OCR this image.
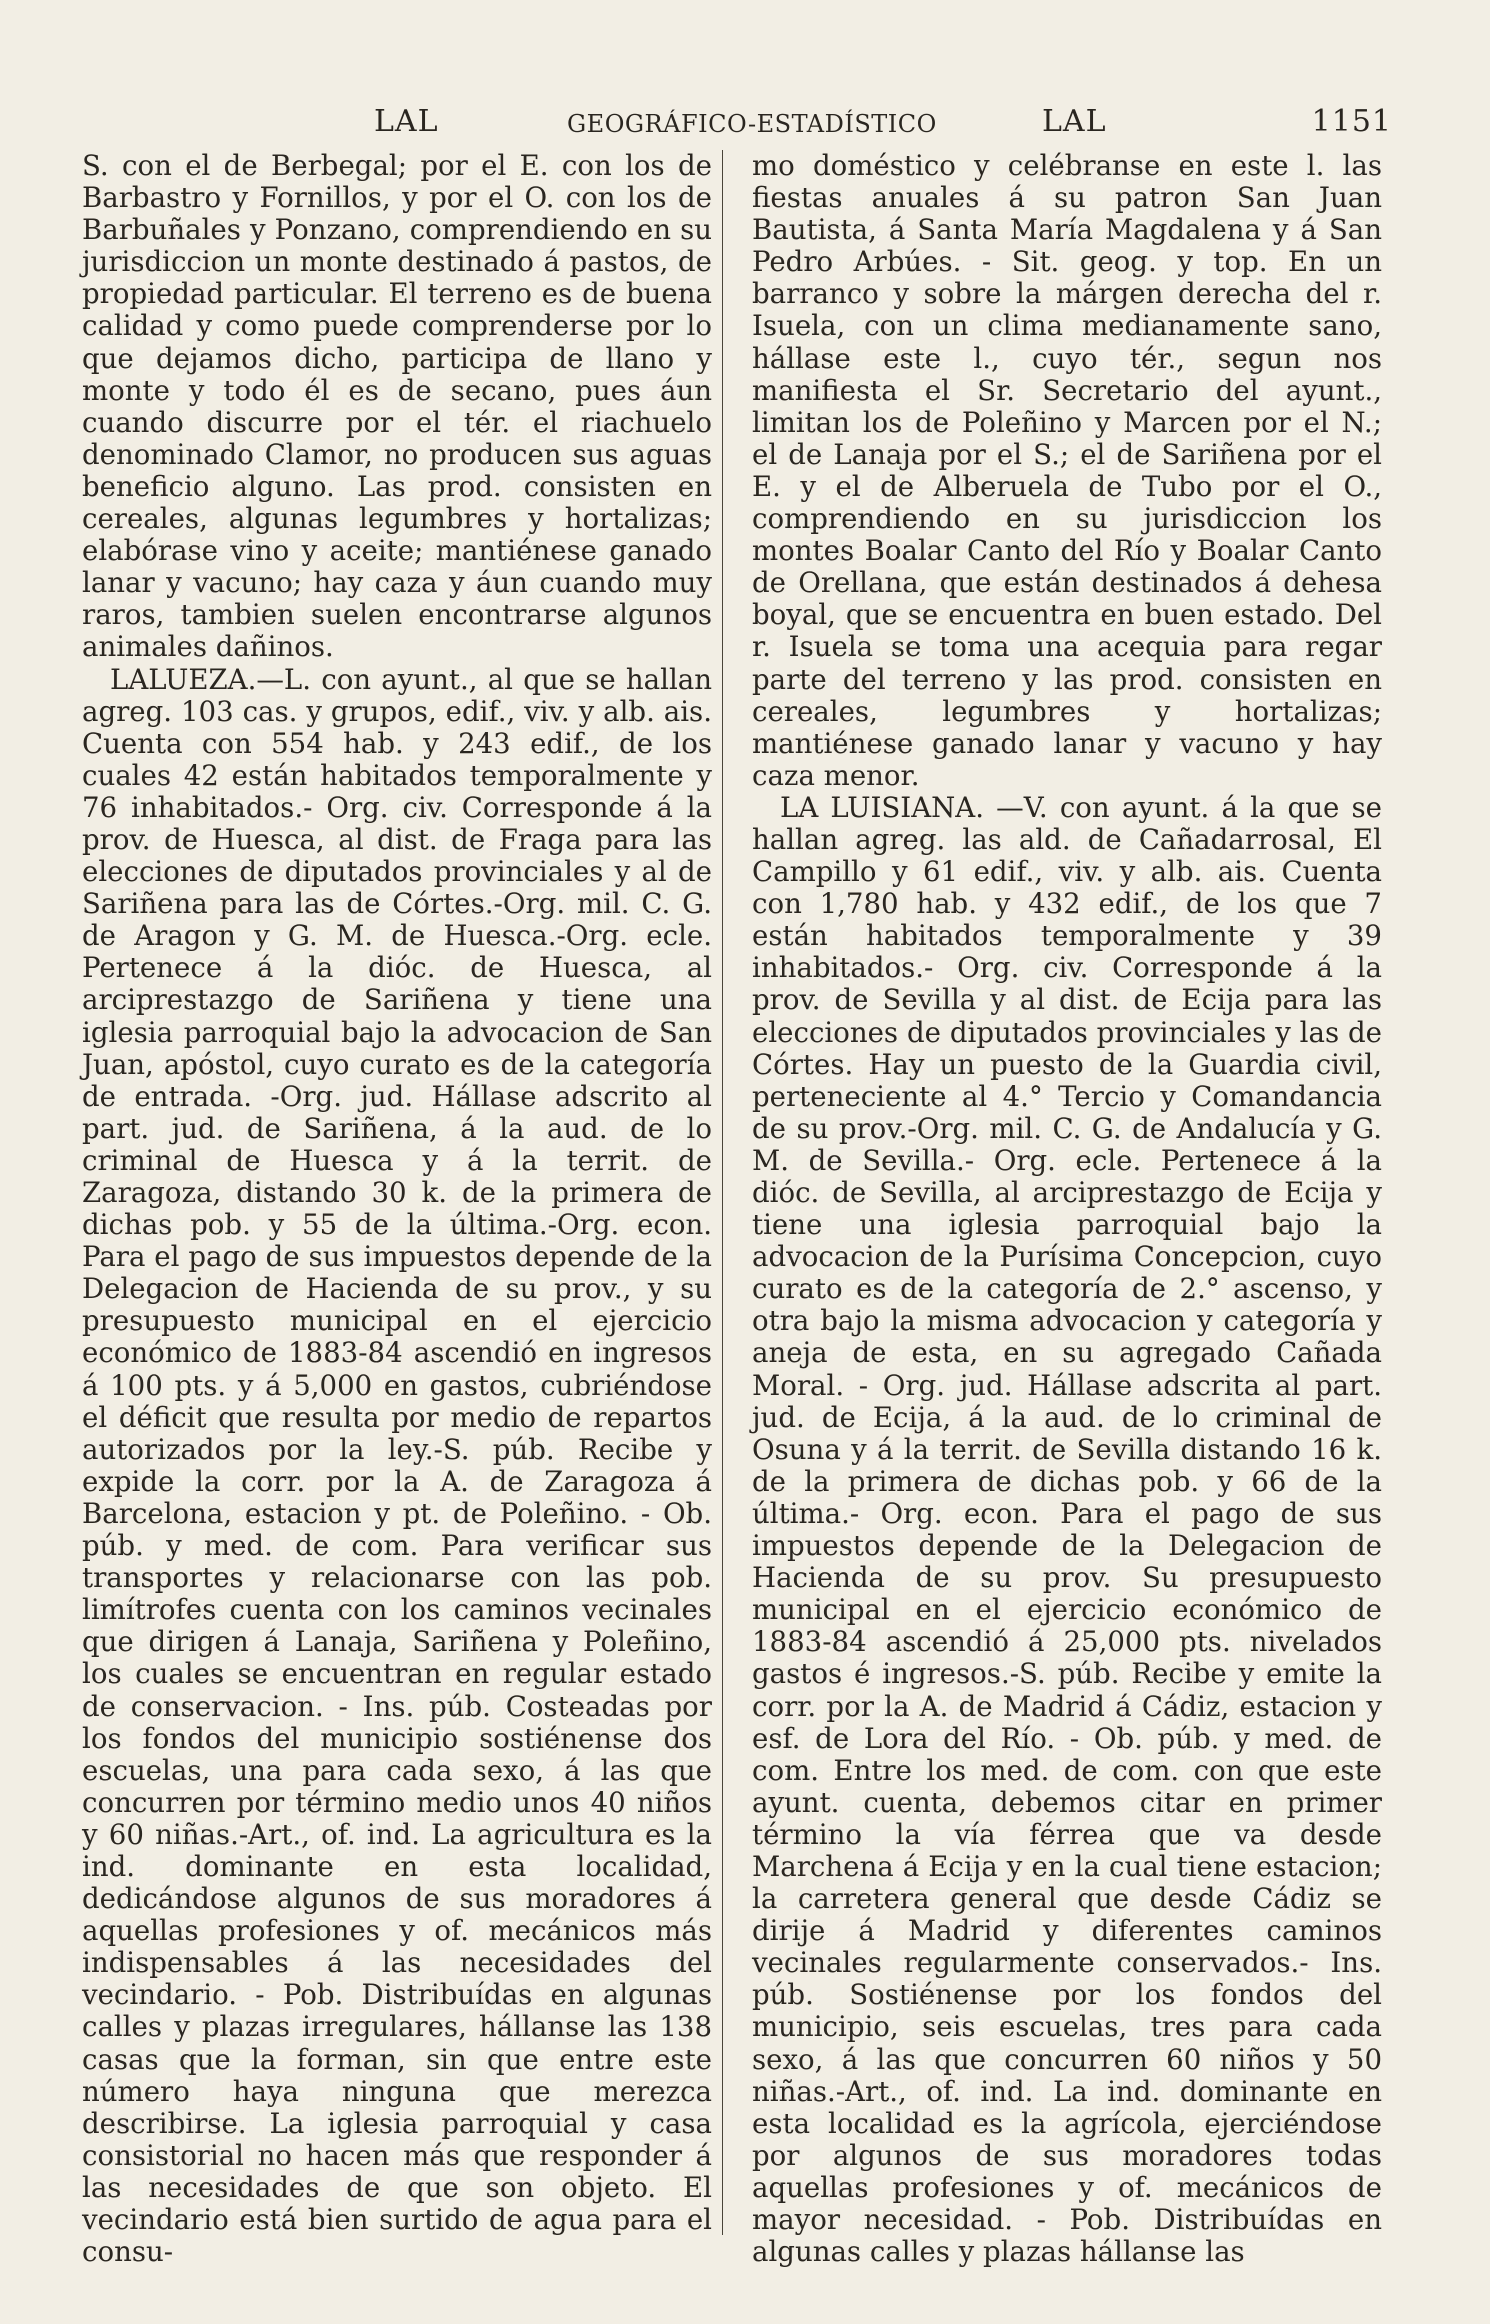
LAL	GEOGRÁFICO-ESTADÍSTICO	LAL	1151

S. con el de Berbegal; por el E. con los de Barbastro y Fornillos, y por el O. con los de Barbuñales y Ponzano, comprendiendo en su jurisdiccion un monte destinado á pastos, de propiedad particular. El terreno es de buena calidad y como puede comprenderse por lo que dejamos dicho, participa de llano y monte y todo él es de secano, pues áun cuando discurre por el tér. el riachuelo denominado Clamor, no producen sus aguas beneficio alguno. Las prod. consisten en cereales, algunas legumbres y hortalizas; elabórase vino y aceite; mantiénese ganado lanar y vacuno; hay caza y áun cuando muy raros, tambien suelen encontrarse algunos animales dañinos.

LALUEZA.—L. con ayunt., al que se hallan agreg. 103 cas. y grupos, edif., viv. y alb. ais. Cuenta con 554 hab. y 243 edif., de los cuales 42 están habitados temporalmente y 76 inhabitados.- Org. civ. Corresponde á la prov. de Huesca, al dist. de Fraga para las elecciones de diputados provinciales y al de Sariñena para las de Córtes.-Org. mil. C. G. de Aragon y G. M. de Huesca.-Org. ecle. Pertenece á la dióc. de Huesca, al arciprestazgo de Sariñena y tiene una iglesia parroquial bajo la advocacion de San Juan, apóstol, cuyo curato es de la categoría de entrada. -Org. jud. Hállase adscrito al part. jud. de Sariñena, á la aud. de lo criminal de Huesca y á la territ. de Zaragoza, distando 30 k. de la primera de dichas pob. y 55 de la última.-Org. econ. Para el pago de sus impuestos depende de la Delegacion de Hacienda de su prov., y su presupuesto municipal en el ejercicio económico de 1883-84 ascendió en ingresos á 100 pts. y á 5,000 en gastos, cubriéndose el déficit que resulta por medio de repartos autorizados por la ley.-S. púb. Recibe y expide la corr. por la A. de Zaragoza á Barcelona, estacion y pt. de Poleñino. - Ob. púb. y med. de com. Para verificar sus transportes y relacionarse con las pob. limítrofes cuenta con los caminos vecinales que dirigen á Lanaja, Sariñena y Poleñino, los cuales se encuentran en regular estado de conservacion. - Ins. púb. Costeadas por los fondos del municipio sostiénense dos escuelas, una para cada sexo, á las que concurren por término medio unos 40 niños y 60 niñas.-Art., of. ind. La agricultura es la ind. dominante en esta localidad, dedicándose algunos de sus moradores á aquellas profesiones y of. mecánicos más indispensables á las necesidades del vecindario. - Pob. Distribuídas en algunas calles y plazas irregulares, hállanse las 138 casas que la forman, sin que entre este número haya ninguna que merezca describirse. La iglesia parroquial y casa consistorial no hacen más que responder á las necesidades de que son objeto. El vecindario está bien surtido de agua para el consu-

mo doméstico y celébranse en este l. las fiestas anuales á su patron San Juan Bautista, á Santa María Magdalena y á San Pedro Arbúes. - Sit. geog. y top. En un barranco y sobre la márgen derecha del r. Isuela, con un clima medianamente sano, hállase este l., cuyo tér., segun nos manifiesta el Sr. Secretario del ayunt., limitan los de Poleñino y Marcen por el N.; el de Lanaja por el S.; el de Sariñena por el E. y el de Alberuela de Tubo por el O., comprendiendo en su jurisdiccion los montes Boalar Canto del Río y Boalar Canto de Orellana, que están destinados á dehesa boyal, que se encuentra en buen estado. Del r. Isuela se toma una acequia para regar parte del terreno y las prod. consisten en cereales, legumbres y hortalizas; mantiénese ganado lanar y vacuno y hay caza menor.

LA LUISIANA. —V. con ayunt. á la que se hallan agreg. las ald. de Cañadarrosal, El Campillo y 61 edif., viv. y alb. ais. Cuenta con 1,780 hab. y 432 edif., de los que 7 están habitados temporalmente y 39 inhabitados.- Org. civ. Corresponde á la prov. de Sevilla y al dist. de Ecija para las elecciones de diputados provinciales y las de Córtes. Hay un puesto de la Guardia civil, perteneciente al 4.° Tercio y Comandancia de su prov.-Org. mil. C. G. de Andalucía y G. M. de Sevilla.- Org. ecle. Pertenece á la dióc. de Sevilla, al arciprestazgo de Ecija y tiene una iglesia parroquial bajo la advocacion de la Purísima Concepcion, cuyo curato es de la categoría de 2.° ascenso, y otra bajo la misma advocacion y categoría y aneja de esta, en su agregado Cañada Moral. - Org. jud. Hállase adscrita al part. jud. de Ecija, á la aud. de lo criminal de Osuna y á la territ. de Sevilla distando 16 k. de la primera de dichas pob. y 66 de la última.- Org. econ. Para el pago de sus impuestos depende de la Delegacion de Hacienda de su prov. Su presupuesto municipal en el ejercicio económico de 1883-84 ascendió á 25,000 pts. nivelados gastos é ingresos.-S. púb. Recibe y emite la corr. por la A. de Madrid á Cádiz, estacion y esf. de Lora del Río. - Ob. púb. y med. de com. Entre los med. de com. con que este ayunt. cuenta, debemos citar en primer término la vía férrea que va desde Marchena á Ecija y en la cual tiene estacion; la carretera general que desde Cádiz se dirije á Madrid y diferentes caminos vecinales regularmente conservados.- Ins. púb. Sostiénense por los fondos del municipio, seis escuelas, tres para cada sexo, á las que concurren 60 niños y 50 niñas.-Art., of. ind. La ind. dominante en esta localidad es la agrícola, ejerciéndose por algunos de sus moradores todas aquellas profesiones y of. mecánicos de mayor necesidad. - Pob. Distribuídas en algunas calles y plazas hállanse las
